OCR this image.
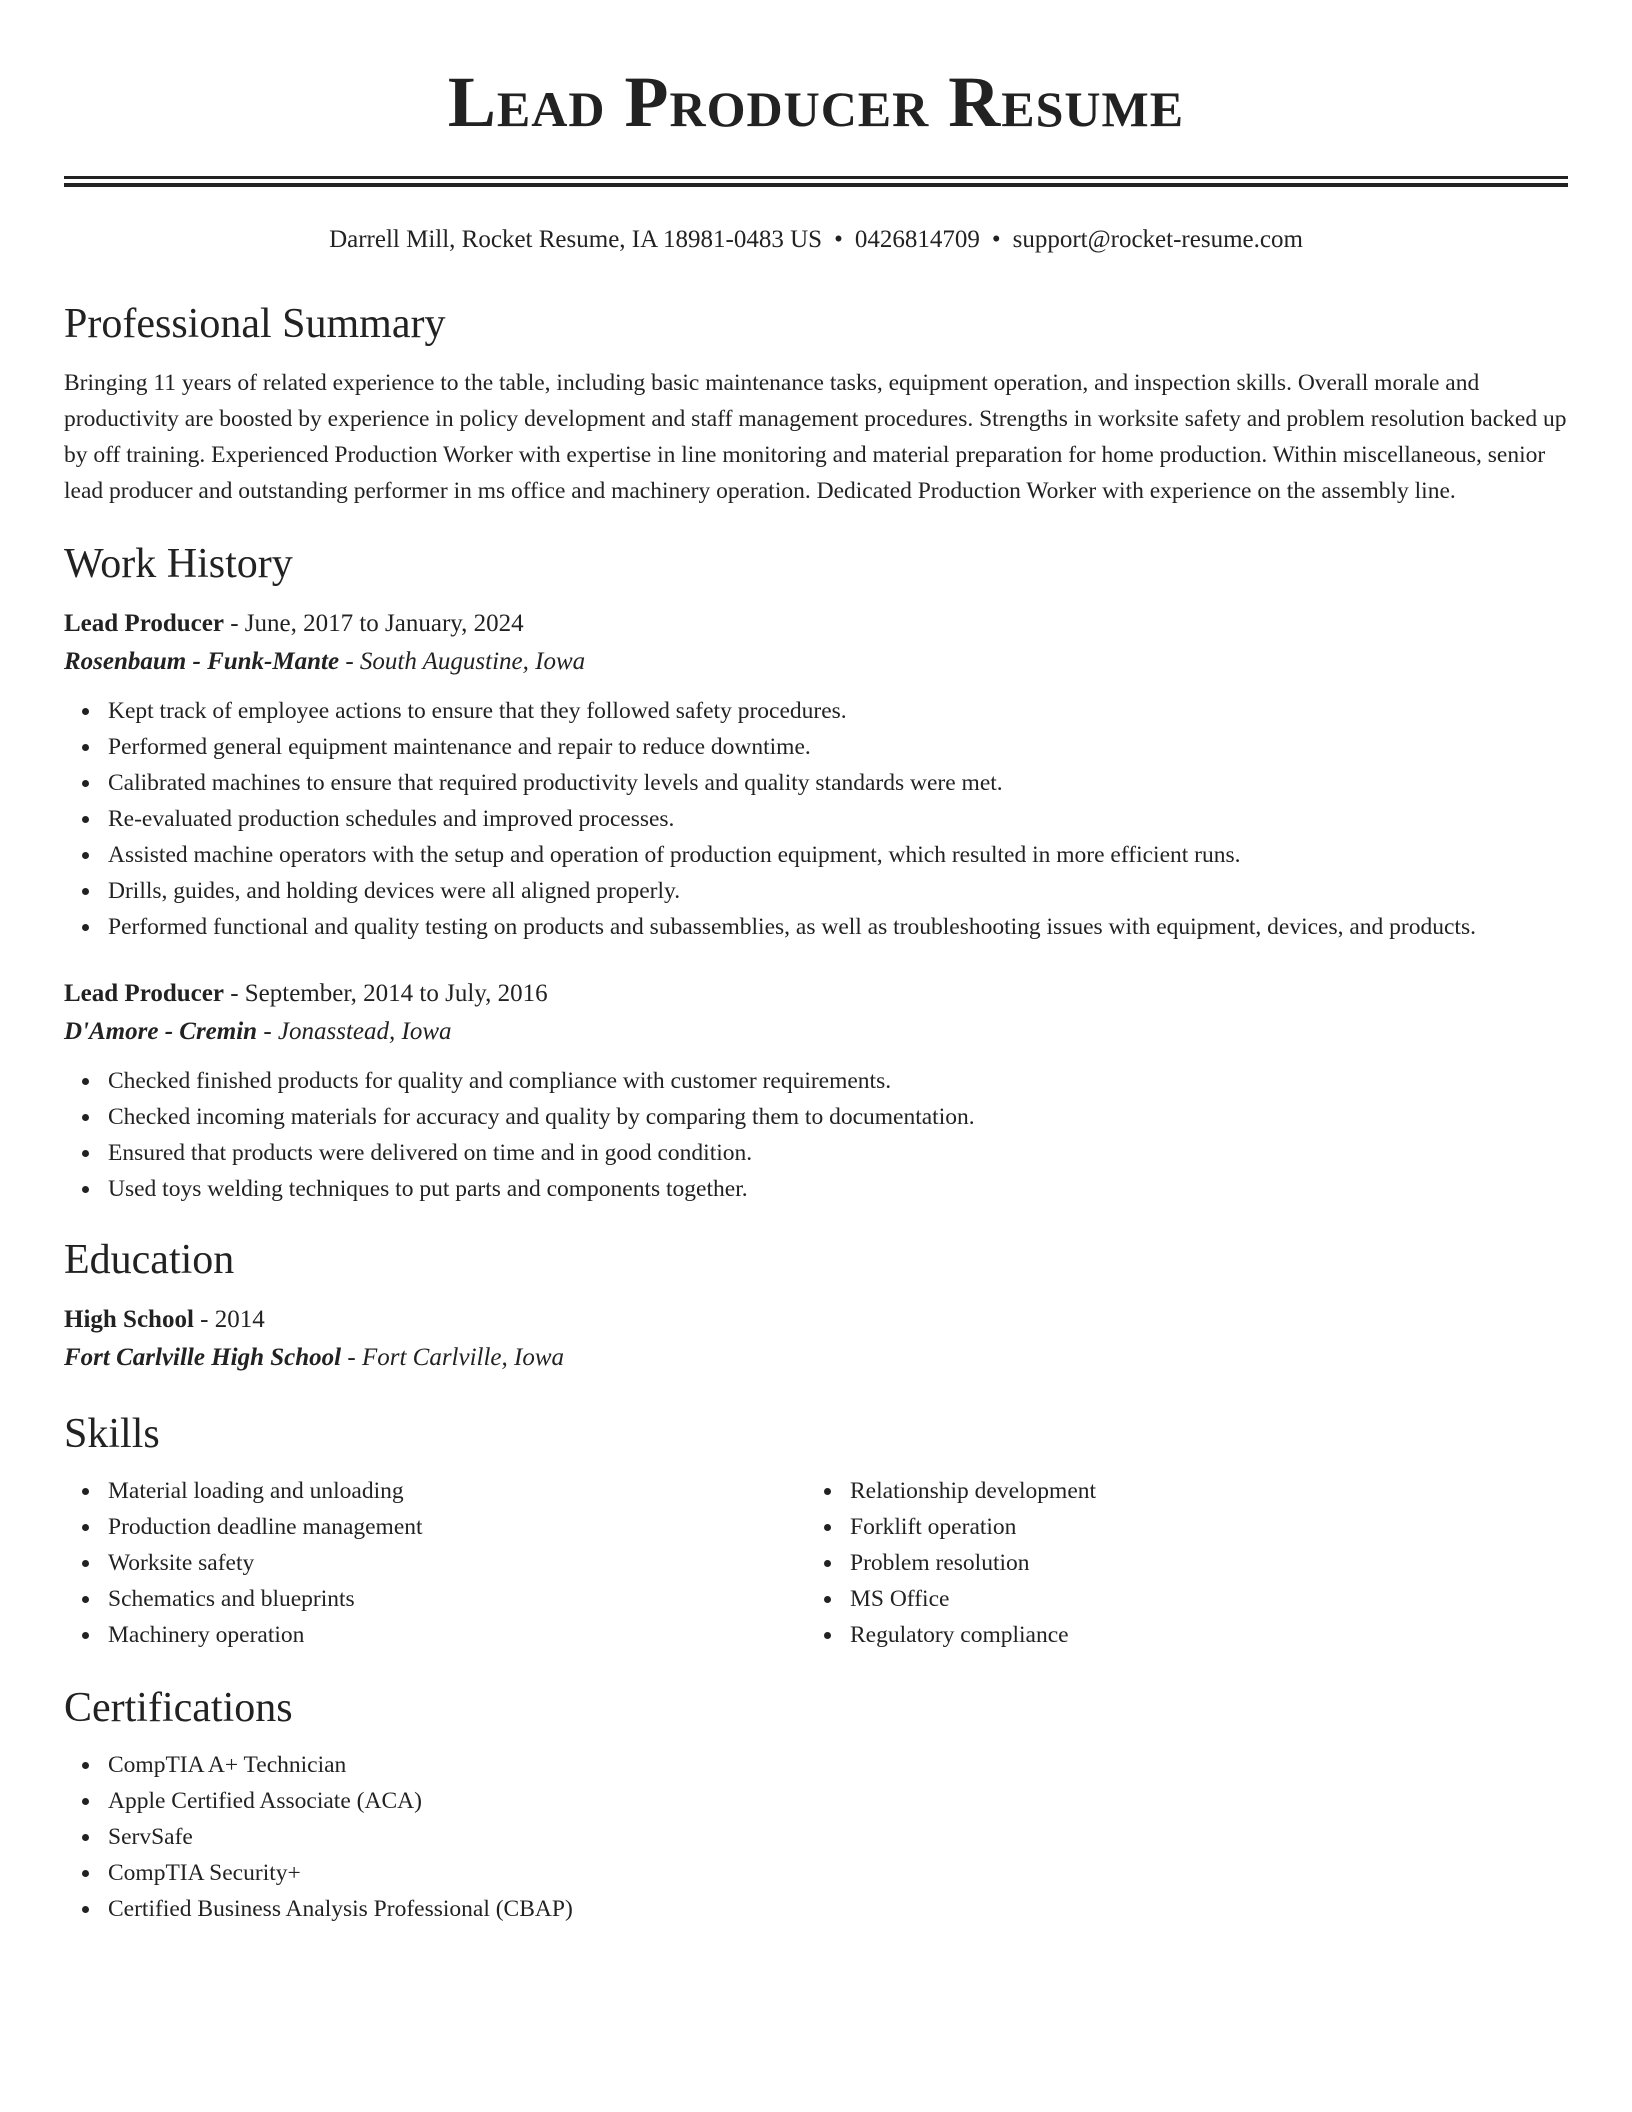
Lead Producer Resume
Darrell Mill, Rocket Resume, IA 18981-0483 US • 0426814709 • support@rocket-resume.com
Professional Summary

Bringing 11 years of related experience to the table, including basic maintenance tasks, equipment operation, and inspection skills. Overall morale and productivity are boosted by experience in policy development and staff management procedures. Strengths in worksite safety and problem resolution backed up by off training. Experienced Production Worker with expertise in line monitoring and material preparation for home production. Within miscellaneous, senior lead producer and outstanding performer in ms office and machinery operation. Dedicated Production Worker with experience on the assembly line.

Work History
Lead Producer - June, 2017 to January, 2024
Rosenbaum - Funk-Mante - South Augustine, Iowa
Kept track of employee actions to ensure that they followed safety procedures.
Performed general equipment maintenance and repair to reduce downtime.
Calibrated machines to ensure that required productivity levels and quality standards were met.
Re-evaluated production schedules and improved processes.
Assisted machine operators with the setup and operation of production equipment, which resulted in more efficient runs.
Drills, guides, and holding devices were all aligned properly.
Performed functional and quality testing on products and subassemblies, as well as troubleshooting issues with equipment, devices, and products.
Lead Producer - September, 2014 to July, 2016
D'Amore - Cremin - Jonasstead, Iowa
Checked finished products for quality and compliance with customer requirements.
Checked incoming materials for accuracy and quality by comparing them to documentation.
Ensured that products were delivered on time and in good condition.
Used toys welding techniques to put parts and components together.
Education
High School - 2014
Fort Carlville High School - Fort Carlville, Iowa
Skills
Material loading and unloading
Production deadline management
Worksite safety
Schematics and blueprints
Machinery operation
Relationship development
Forklift operation
Problem resolution
MS Office
Regulatory compliance
Certifications
CompTIA A+ Technician
Apple Certified Associate (ACA)
ServSafe
CompTIA Security+
Certified Business Analysis Professional (CBAP)
